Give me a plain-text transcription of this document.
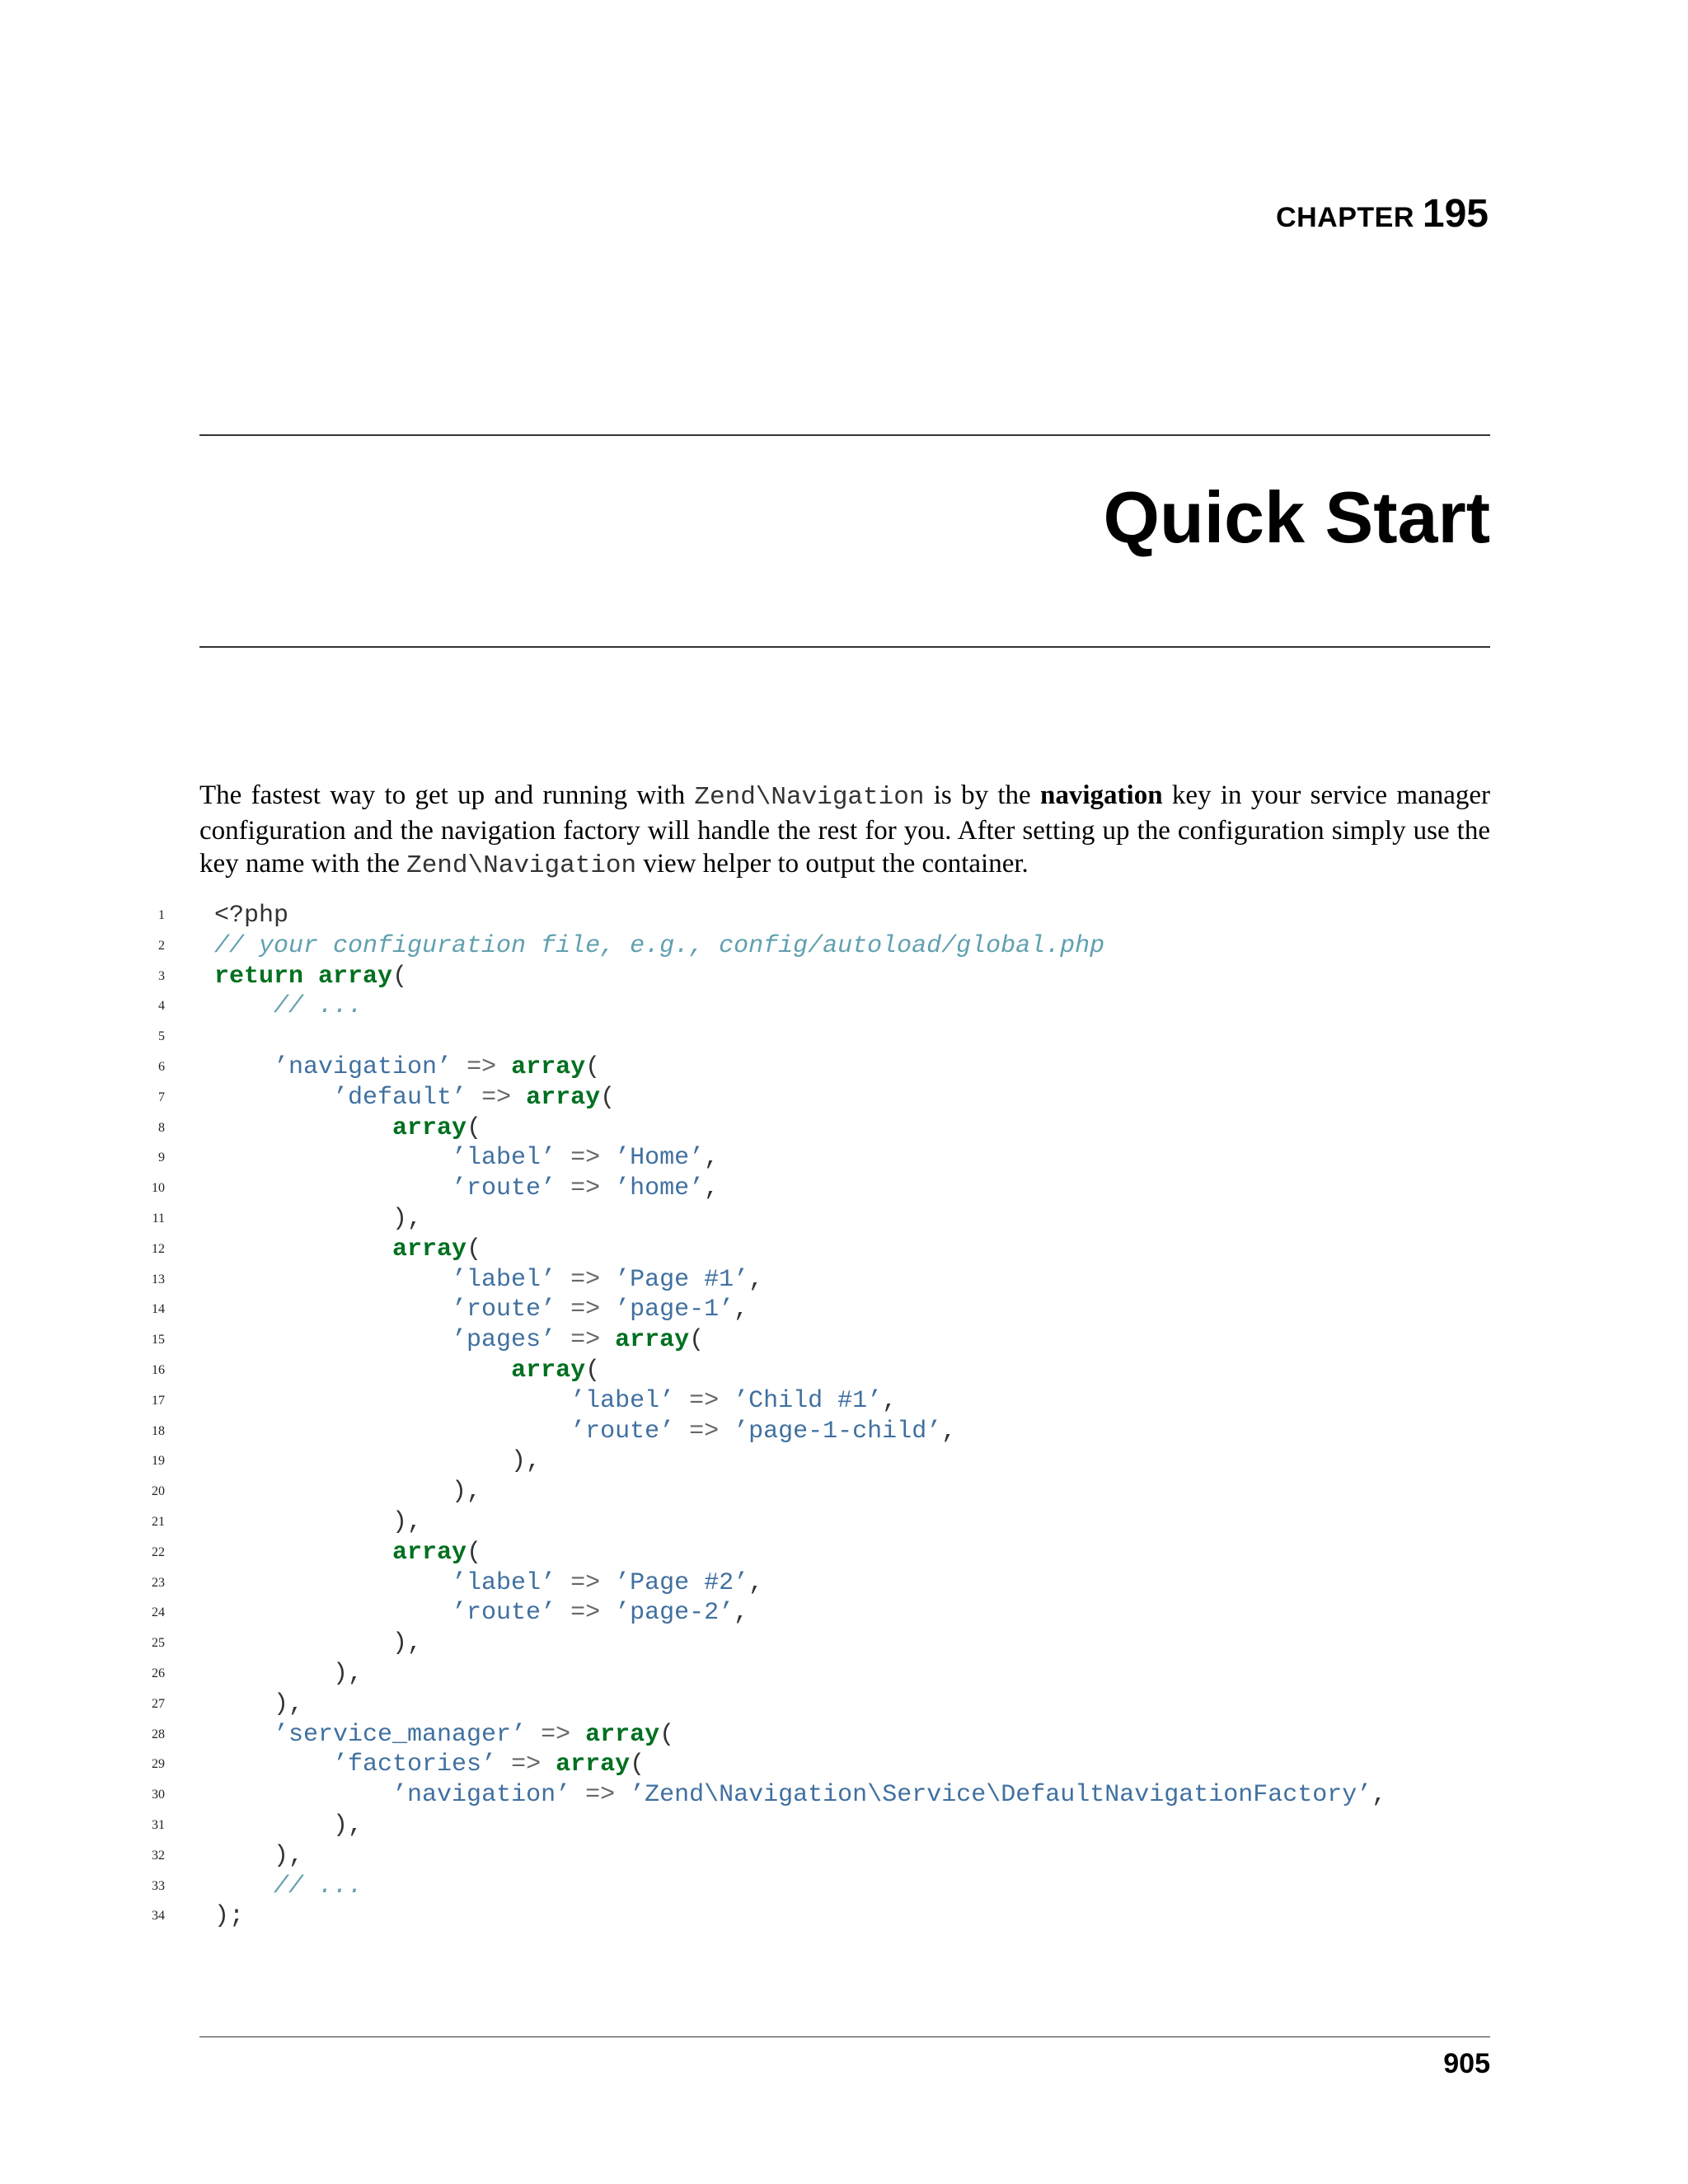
CHAPTER 195
Quick Start

The fastest way to get up and running with Zend\Navigation is by the navigation key in your service manager configuration and the navigation factory will handle the rest for you. After setting up the configuration simply use the key name with the Zend\Navigation view helper to output the container.

1 <?php
2 // your configuration file, e.g., config/autoload/global.php
3 return array(
4	// ...
5
6	’navigation’ => array(
7	’default’ => array(
8	array(
9	’label’ => ’Home’,
10	’route’ => ’home’,
11 ),
12	array(
13	’label’ => ’Page #1’,
14	’route’ => ’page-1’,
15	’pages’ => array(
16	array(
17	’label’ => ’Child #1’,
18	’route’ => ’page-1-child’,
19 ),
20 ),
21 ),
22	array(
23	’label’ => ’Page #2’,
24	’route’ => ’page-2’,
25 ),
26 ),
27 ),
28	’service_manager’ => array(
29	’factories’ => array(
30	’navigation’ => ’Zend\Navigation\Service\DefaultNavigationFactory’,
31 ),
32 ),
33	// ...
34 );
905
